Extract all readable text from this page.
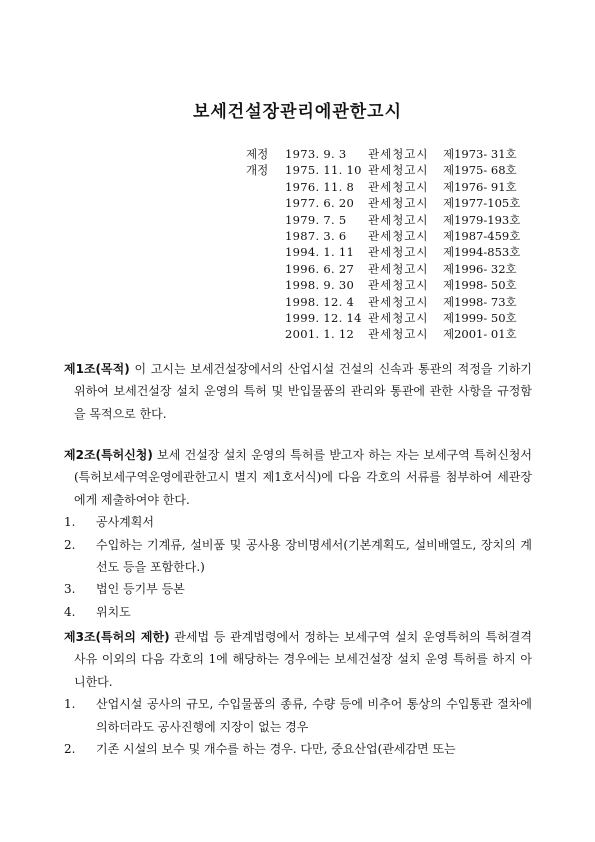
보세건설장관리에관한고시
제정 1973. 9. 3 관세청고시 제1973- 31호
개정 1975. 11. 10 관세청고시 제1975- 68호
1976. 11. 8 관세청고시 제1976- 91호
1977. 6. 20 관세청고시 제1977-105호
1979. 7. 5 관세청고시 제1979-193호
1987. 3. 6 관세청고시 제1987-459호
1994. 1. 11 관세청고시 제1994-853호
1996. 6. 27 관세청고시 제1996- 32호
1998. 9. 30 관세청고시 제1998- 50호
1998. 12. 4 관세청고시 제1998- 73호
1999. 12. 14 관세청고시 제1999- 50호
2001. 1. 12 관세청고시 제2001- 01호

제1조(목적) 이 고시는 보세건설장에서의 산업시설 건설의 신속과 통관의 적정을 기하기 위하여 보세건설장 설치 운영의 특허 및 반입물품의 관리와 통관에 관한 사항을 규정함을 목적으로 한다.

제2조(특허신청) 보세 건설장 설치 운영의 특허를 받고자 하는 자는 보세구역 특허신청서(특허보세구역운영에관한고시 별지 제1호서식)에 다음 각호의 서류를 첨부하여 세관장에게 제출하여야 한다.

1.	공사계획서
2.	수입하는 기계류, 설비품 및 공사용 장비명세서(기본계획도, 설비배열도, 장치의 계선도 등을 포함한다.)
3.	법인 등기부 등본
4.	위치도

제3조(특허의 제한) 관세법 등 관계법령에서 정하는 보세구역 설치 운영특허의 특허결격 사유 이외의 다음 각호의 1에 해당하는 경우에는 보세건설장 설치 운영 특허를 하지 아니한다.

1.	산업시설 공사의 규모, 수입물품의 종류, 수량 등에 비추어 통상의 수입통관 절차에 의하더라도 공사진행에 지장이 없는 경우
2.	기존 시설의 보수 및 개수를 하는 경우. 다만, 중요산업(관세감면 또는
